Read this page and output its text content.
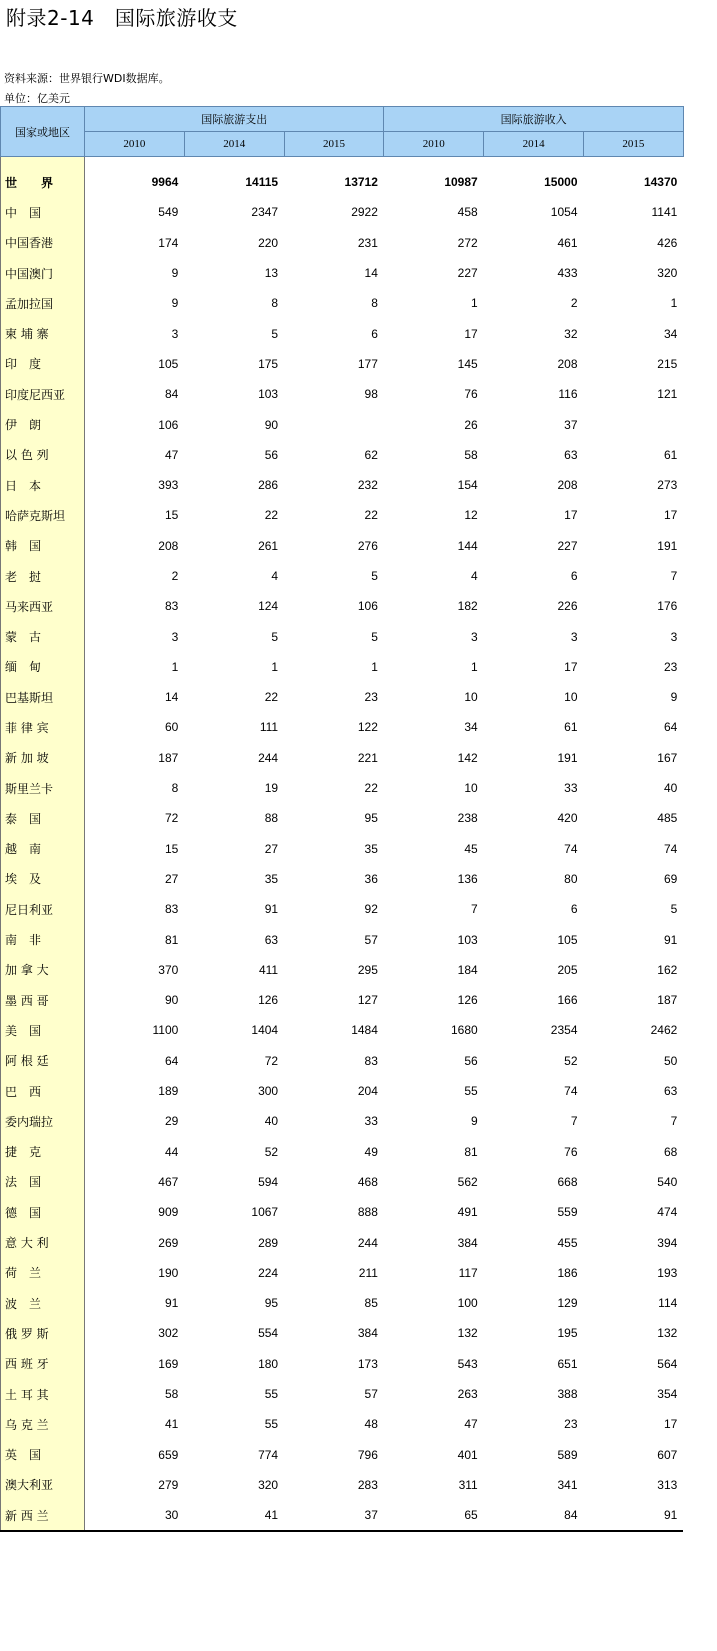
附录2-14　国际旅游收支
资料来源：世界银行WDI数据库。
单位：亿美元
国家或地区	国际旅游支出			国际旅游收入		
	2010	2014	2015	2010	2014	2015

世　　界	9964	14115	13712	10987	15000	14370
中　国	549	2347	2922	458	1054	1141
中国香港	174	220	231	272	461	426
中国澳门	9	13	14	227	433	320
孟加拉国	9	8	8	1	2	1
柬 埔 寨	3	5	6	17	32	34
印　度	105	175	177	145	208	215
印度尼西亚	84	103	98	76	116	121
伊　朗	106	90		26	37	
以 色 列	47	56	62	58	63	61
日　本	393	286	232	154	208	273
哈萨克斯坦	15	22	22	12	17	17
韩　国	208	261	276	144	227	191
老　挝	2	4	5	4	6	7
马来西亚	83	124	106	182	226	176
蒙　古	3	5	5	3	3	3
缅　甸	1	1	1	1	17	23
巴基斯坦	14	22	23	10	10	9
菲 律 宾	60	111	122	34	61	64
新 加 坡	187	244	221	142	191	167
斯里兰卡	8	19	22	10	33	40
泰　国	72	88	95	238	420	485
越　南	15	27	35	45	74	74
埃　及	27	35	36	136	80	69
尼日利亚	83	91	92	7	6	5
南　非	81	63	57	103	105	91
加 拿 大	370	411	295	184	205	162
墨 西 哥	90	126	127	126	166	187
美　国	1100	1404	1484	1680	2354	2462
阿 根 廷	64	72	83	56	52	50
巴　西	189	300	204	55	74	63
委内瑞拉	29	40	33	9	7	7
捷　克	44	52	49	81	76	68
法　国	467	594	468	562	668	540
德　国	909	1067	888	491	559	474
意 大 利	269	289	244	384	455	394
荷　兰	190	224	211	117	186	193
波　兰	91	95	85	100	129	114
俄 罗 斯	302	554	384	132	195	132
西 班 牙	169	180	173	543	651	564
土 耳 其	58	55	57	263	388	354
乌 克 兰	41	55	48	47	23	17
英　国	659	774	796	401	589	607
澳大利亚	279	320	283	311	341	313
新 西 兰	30	41	37	65	84	91
